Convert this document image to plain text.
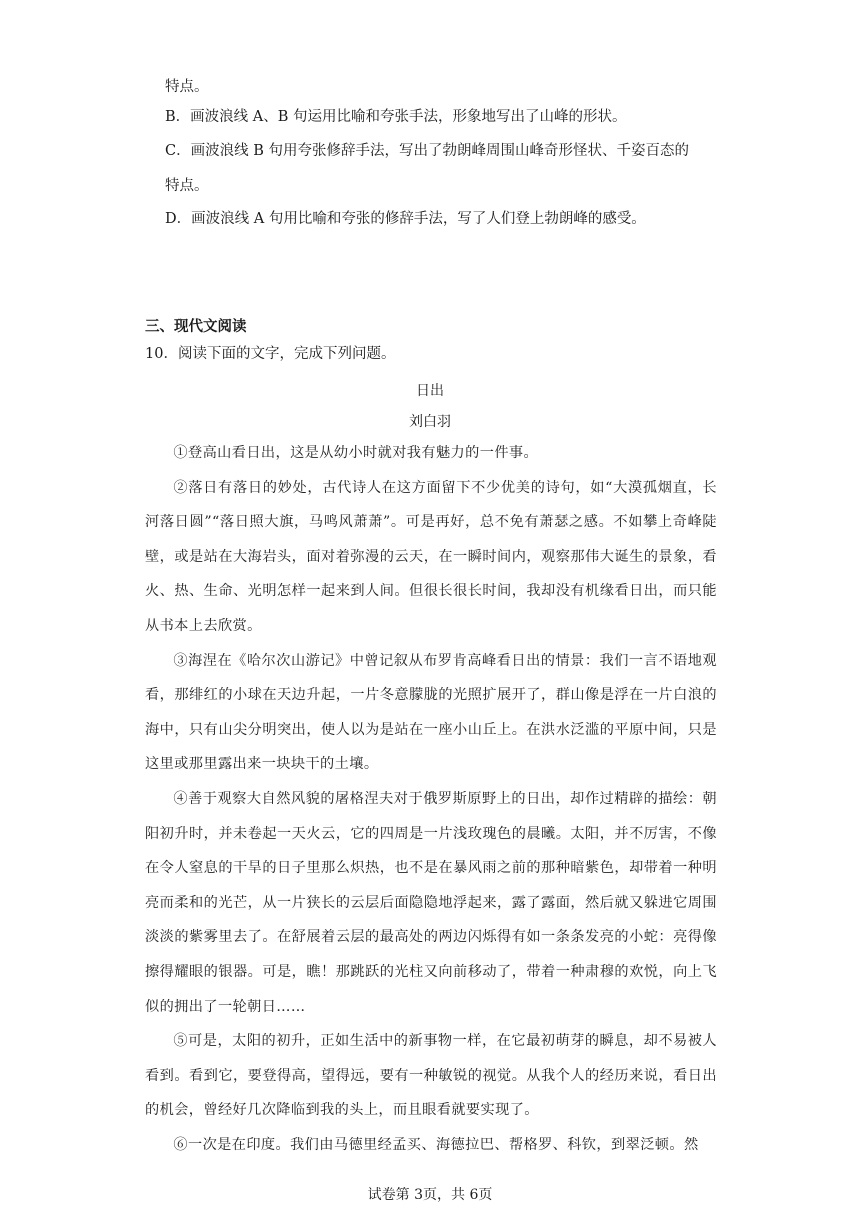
特点。
B．画波浪线 A、B 句运用比喻和夸张手法，形象地写出了山峰的形状。
C．画波浪线 B 句用夸张修辞手法，写出了勃朗峰周围山峰奇形怪状、千姿百态的
特点。
D．画波浪线 A 句用比喻和夸张的修辞手法，写了人们登上勃朗峰的感受。
三、现代文阅读
10．阅读下面的文字，完成下列问题。
日出
刘白羽

①登高山看日出，这是从幼小时就对我有魅力的一件事。

②落日有落日的妙处，古代诗人在这方面留下不少优美的诗句，如“大漠孤烟直，长河落日圆”“落日照大旗，马鸣风萧萧”。可是再好，总不免有萧瑟之感。不如攀上奇峰陡壁，或是站在大海岩头，面对着弥漫的云天，在一瞬时间内，观察那伟大诞生的景象，看火、热、生命、光明怎样一起来到人间。但很长很长时间，我却没有机缘看日出，而只能从书本上去欣赏。

③海涅在《哈尔次山游记》中曾记叙从布罗肯高峰看日出的情景：我们一言不语地观看，那绯红的小球在天边升起，一片冬意朦胧的光照扩展开了，群山像是浮在一片白浪的海中，只有山尖分明突出，使人以为是站在一座小山丘上。在洪水泛滥的平原中间，只是这里或那里露出来一块块干的土壤。

④善于观察大自然风貌的屠格涅夫对于俄罗斯原野上的日出，却作过精辟的描绘：朝阳初升时，并未卷起一天火云，它的四周是一片浅玫瑰色的晨曦。太阳，并不厉害，不像在令人窒息的干旱的日子里那么炽热，也不是在暴风雨之前的那种暗紫色，却带着一种明亮而柔和的光芒，从一片狭长的云层后面隐隐地浮起来，露了露面，然后就又躲进它周围淡淡的紫雾里去了。在舒展着云层的最高处的两边闪烁得有如一条条发亮的小蛇：亮得像擦得耀眼的银器。可是，瞧！那跳跃的光柱又向前移动了，带着一种肃穆的欢悦，向上飞似的拥出了一轮朝日……

⑤可是，太阳的初升，正如生活中的新事物一样，在它最初萌芽的瞬息，却不易被人看到。看到它，要登得高，望得远，要有一种敏锐的视觉。从我个人的经历来说，看日出的机会，曾经好几次降临到我的头上，而且眼看就要实现了。

⑥一次是在印度。我们由马德里经孟买、海德拉巴、帮格罗、科钦，到翠泛顿。然

试卷第 3页，共 6页
